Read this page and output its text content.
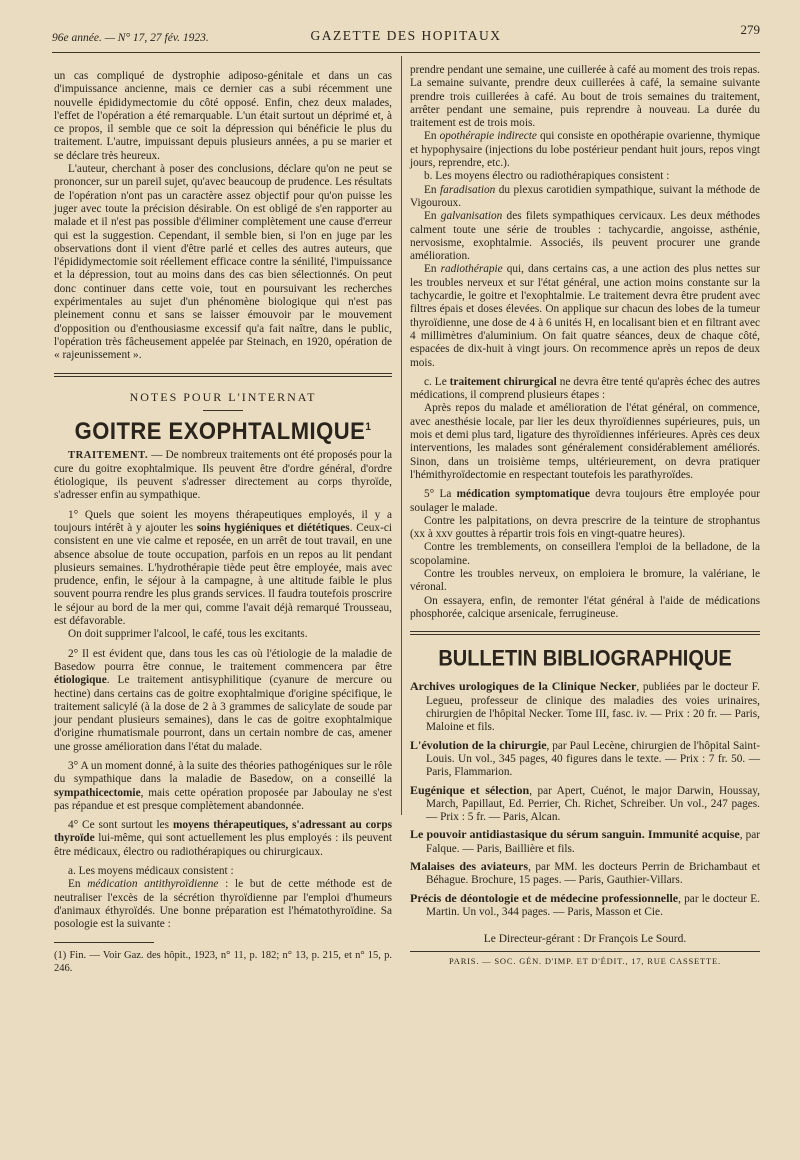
96e année. — N° 17, 27 fév. 1923.	GAZETTE DES HOPITAUX	279

un cas compliqué de dystrophie adiposo-génitale et dans un cas d'impuissance ancienne, mais ce dernier cas a subi récemment une nouvelle épididymectomie du côté opposé. Enfin, chez deux malades, l'effet de l'opération a été remarquable. L'un était surtout un déprimé et, à ce propos, il semble que ce soit la dépression qui bénéficie le plus du traitement. L'autre, impuissant depuis plusieurs années, a pu se marier et se déclare très heureux.

L'auteur, cherchant à poser des conclusions, déclare qu'on ne peut se prononcer, sur un pareil sujet, qu'avec beaucoup de prudence. Les résultats de l'opération n'ont pas un caractère assez objectif pour qu'on puisse les juger avec toute la précision désirable. On est obligé de s'en rapporter au malade et il n'est pas possible d'éliminer complètement une cause d'erreur qui est la suggestion. Cependant, il semble bien, si l'on en juge par les observations dont il vient d'être parlé et celles des autres auteurs, que l'épididymectomie soit réellement efficace contre la sénilité, l'impuissance et la dépression, tout au moins dans des cas bien sélectionnés. On peut donc continuer dans cette voie, tout en poursuivant les recherches expérimentales au sujet d'un phénomène biologique qui n'est pas pleinement connu et sans se laisser émouvoir par le mouvement d'opposition ou d'enthousiasme excessif qu'a fait naître, dans le public, l'opération très fâcheusement appelée par Steinach, en 1920, opération de « rajeunissement ».

NOTES POUR L'INTERNAT
GOITRE EXOPHTALMIQUE$^1$

TRAITEMENT. — De nombreux traitements ont été proposés pour la cure du goitre exophtalmique. Ils peuvent être d'ordre général, d'ordre étiologique, ils peuvent s'adresser directement au corps thyroïde, s'adresser enfin au sympathique.

1° Quels que soient les moyens thérapeutiques employés, il y a toujours intérêt à y ajouter les soins hygiéniques et diététiques. Ceux-ci consistent en une vie calme et reposée, en un arrêt de tout travail, en une absence absolue de toute occupation, parfois en un repos au lit pendant plusieurs semaines. L'hydrothérapie tiède peut être employée, mais avec prudence, enfin, le séjour à la campagne, à une altitude faible le plus souvent pourra rendre les plus grands services. Il faudra toutefois proscrire le séjour au bord de la mer qui, comme l'avait déjà remarqué Trousseau, est défavorable.

On doit supprimer l'alcool, le café, tous les excitants.

2° Il est évident que, dans tous les cas où l'étiologie de la maladie de Basedow pourra être connue, le traitement commencera par être étiologique. Le traitement antisyphilitique (cyanure de mercure ou hectine) dans certains cas de goitre exophtalmique d'origine spécifique, le traitement salicylé (à la dose de 2 à 3 grammes de salicylate de soude par jour pendant plusieurs semaines), dans le cas de goitre exophtalmique d'origine rhumatismale pourront, dans un certain nombre de cas, amener une grosse amélioration dans l'état du malade.

3° A un moment donné, à la suite des théories pathogéniques sur le rôle du sympathique dans la maladie de Basedow, on a conseillé la sympathicectomie, mais cette opération proposée par Jaboulay ne s'est pas répandue et est presque complètement abandonnée.

4° Ce sont surtout les moyens thérapeutiques, s'adressant au corps thyroïde lui-même, qui sont actuellement les plus employés : ils peuvent être médicaux, électro ou radiothérapiques ou chirurgicaux.

a. Les moyens médicaux consistent :

En médication antithyroïdienne : le but de cette méthode est de neutraliser l'excès de la sécrétion thyroïdienne par l'emploi d'humeurs d'animaux éthyroïdés. Une bonne préparation est l'hématothyroïdine. Sa posologie est la suivante :

(1) Fin. — Voir Gaz. des hôpit., 1923, n° 11, p. 182; n° 13, p. 215, et n° 15, p. 246.

prendre pendant une semaine, une cuillerée à café au moment des trois repas. La semaine suivante, prendre deux cuillerées à café, la semaine suivante prendre trois cuillerées à café. Au bout de trois semaines du traitement, arrêter pendant une semaine, puis reprendre à nouveau. La durée du traitement est de trois mois.

En opothérapie indirecte qui consiste en opothérapie ovarienne, thymique et hypophysaire (injections du lobe postérieur pendant huit jours, repos vingt jours, reprendre, etc.).

b. Les moyens électro ou radiothérapiques consistent :

En faradisation du plexus carotidien sympathique, suivant la méthode de Vigouroux.

En galvanisation des filets sympathiques cervicaux. Les deux méthodes calment toute une série de troubles : tachycardie, angoisse, asthénie, nervosisme, exophtalmie. Associés, ils peuvent procurer une grande amélioration.

En radiothérapie qui, dans certains cas, a une action des plus nettes sur les troubles nerveux et sur l'état général, une action moins constante sur la tachycardie, le goitre et l'exophtalmie. Le traitement devra être prudent avec filtres épais et doses élevées. On applique sur chacun des lobes de la tumeur thyroïdienne, une dose de 4 à 6 unités H, en localisant bien et en filtrant avec 4 millimètres d'aluminium. On fait quatre séances, deux de chaque côté, espacées de dix-huit à vingt jours. On recommence après un repos de deux mois.

c. Le traitement chirurgical ne devra être tenté qu'après échec des autres médications, il comprend plusieurs étapes :

Après repos du malade et amélioration de l'état général, on commence, avec anesthésie locale, par lier les deux thyroïdiennes supérieures, puis, un mois et demi plus tard, ligature des thyroïdiennes inférieures. Après ces deux interventions, les malades sont généralement considérablement améliorés. Sinon, dans un troisième temps, ultérieurement, on devra pratiquer l'hémithyroïdectomie en respectant toutefois les parathyroïdes.

5° La médication symptomatique devra toujours être employée pour soulager le malade.

Contre les palpitations, on devra prescrire de la teinture de strophantus (xx à xxv gouttes à répartir trois fois en vingt-quatre heures).

Contre les tremblements, on conseillera l'emploi de la belladone, de la scopolamine.

Contre les troubles nerveux, on emploiera le bromure, la valériane, le véronal.

On essayera, enfin, de remonter l'état général à l'aide de médications phosphorée, calcique arsenicale, ferrugineuse.

BULLETIN BIBLIOGRAPHIQUE

Archives urologiques de la Clinique Necker, publiées par le docteur F. Legueu, professeur de clinique des maladies des voies urinaires, chirurgien de l'hôpital Necker. Tome III, fasc. iv. — Prix : 20 fr. — Paris, Maloine et fils.

L'évolution de la chirurgie, par Paul Lecène, chirurgien de l'hôpital Saint-Louis. Un vol., 345 pages, 40 figures dans le texte. — Prix : 7 fr. 50. — Paris, Flammarion.

Eugénique et sélection, par Apert, Cuénot, le major Darwin, Houssay, March, Papillaut, Ed. Perrier, Ch. Richet, Schreiber. Un vol., 247 pages. — Prix : 5 fr. — Paris, Alcan.

Le pouvoir antidiastasique du sérum sanguin. Immunité acquise, par Falque. — Paris, Baillière et fils.

Malaises des aviateurs, par MM. les docteurs Perrin de Brichambaut et Béhague. Brochure, 15 pages. — Paris, Gauthier-Villars.

Précis de déontologie et de médecine professionnelle, par le docteur E. Martin. Un vol., 344 pages. — Paris, Masson et Cie.

Le Directeur-gérant : Dr François Le Sourd.
PARIS. — SOC. GÉN. D'IMP. ET D'ÉDIT., 17, RUE CASSETTE.
